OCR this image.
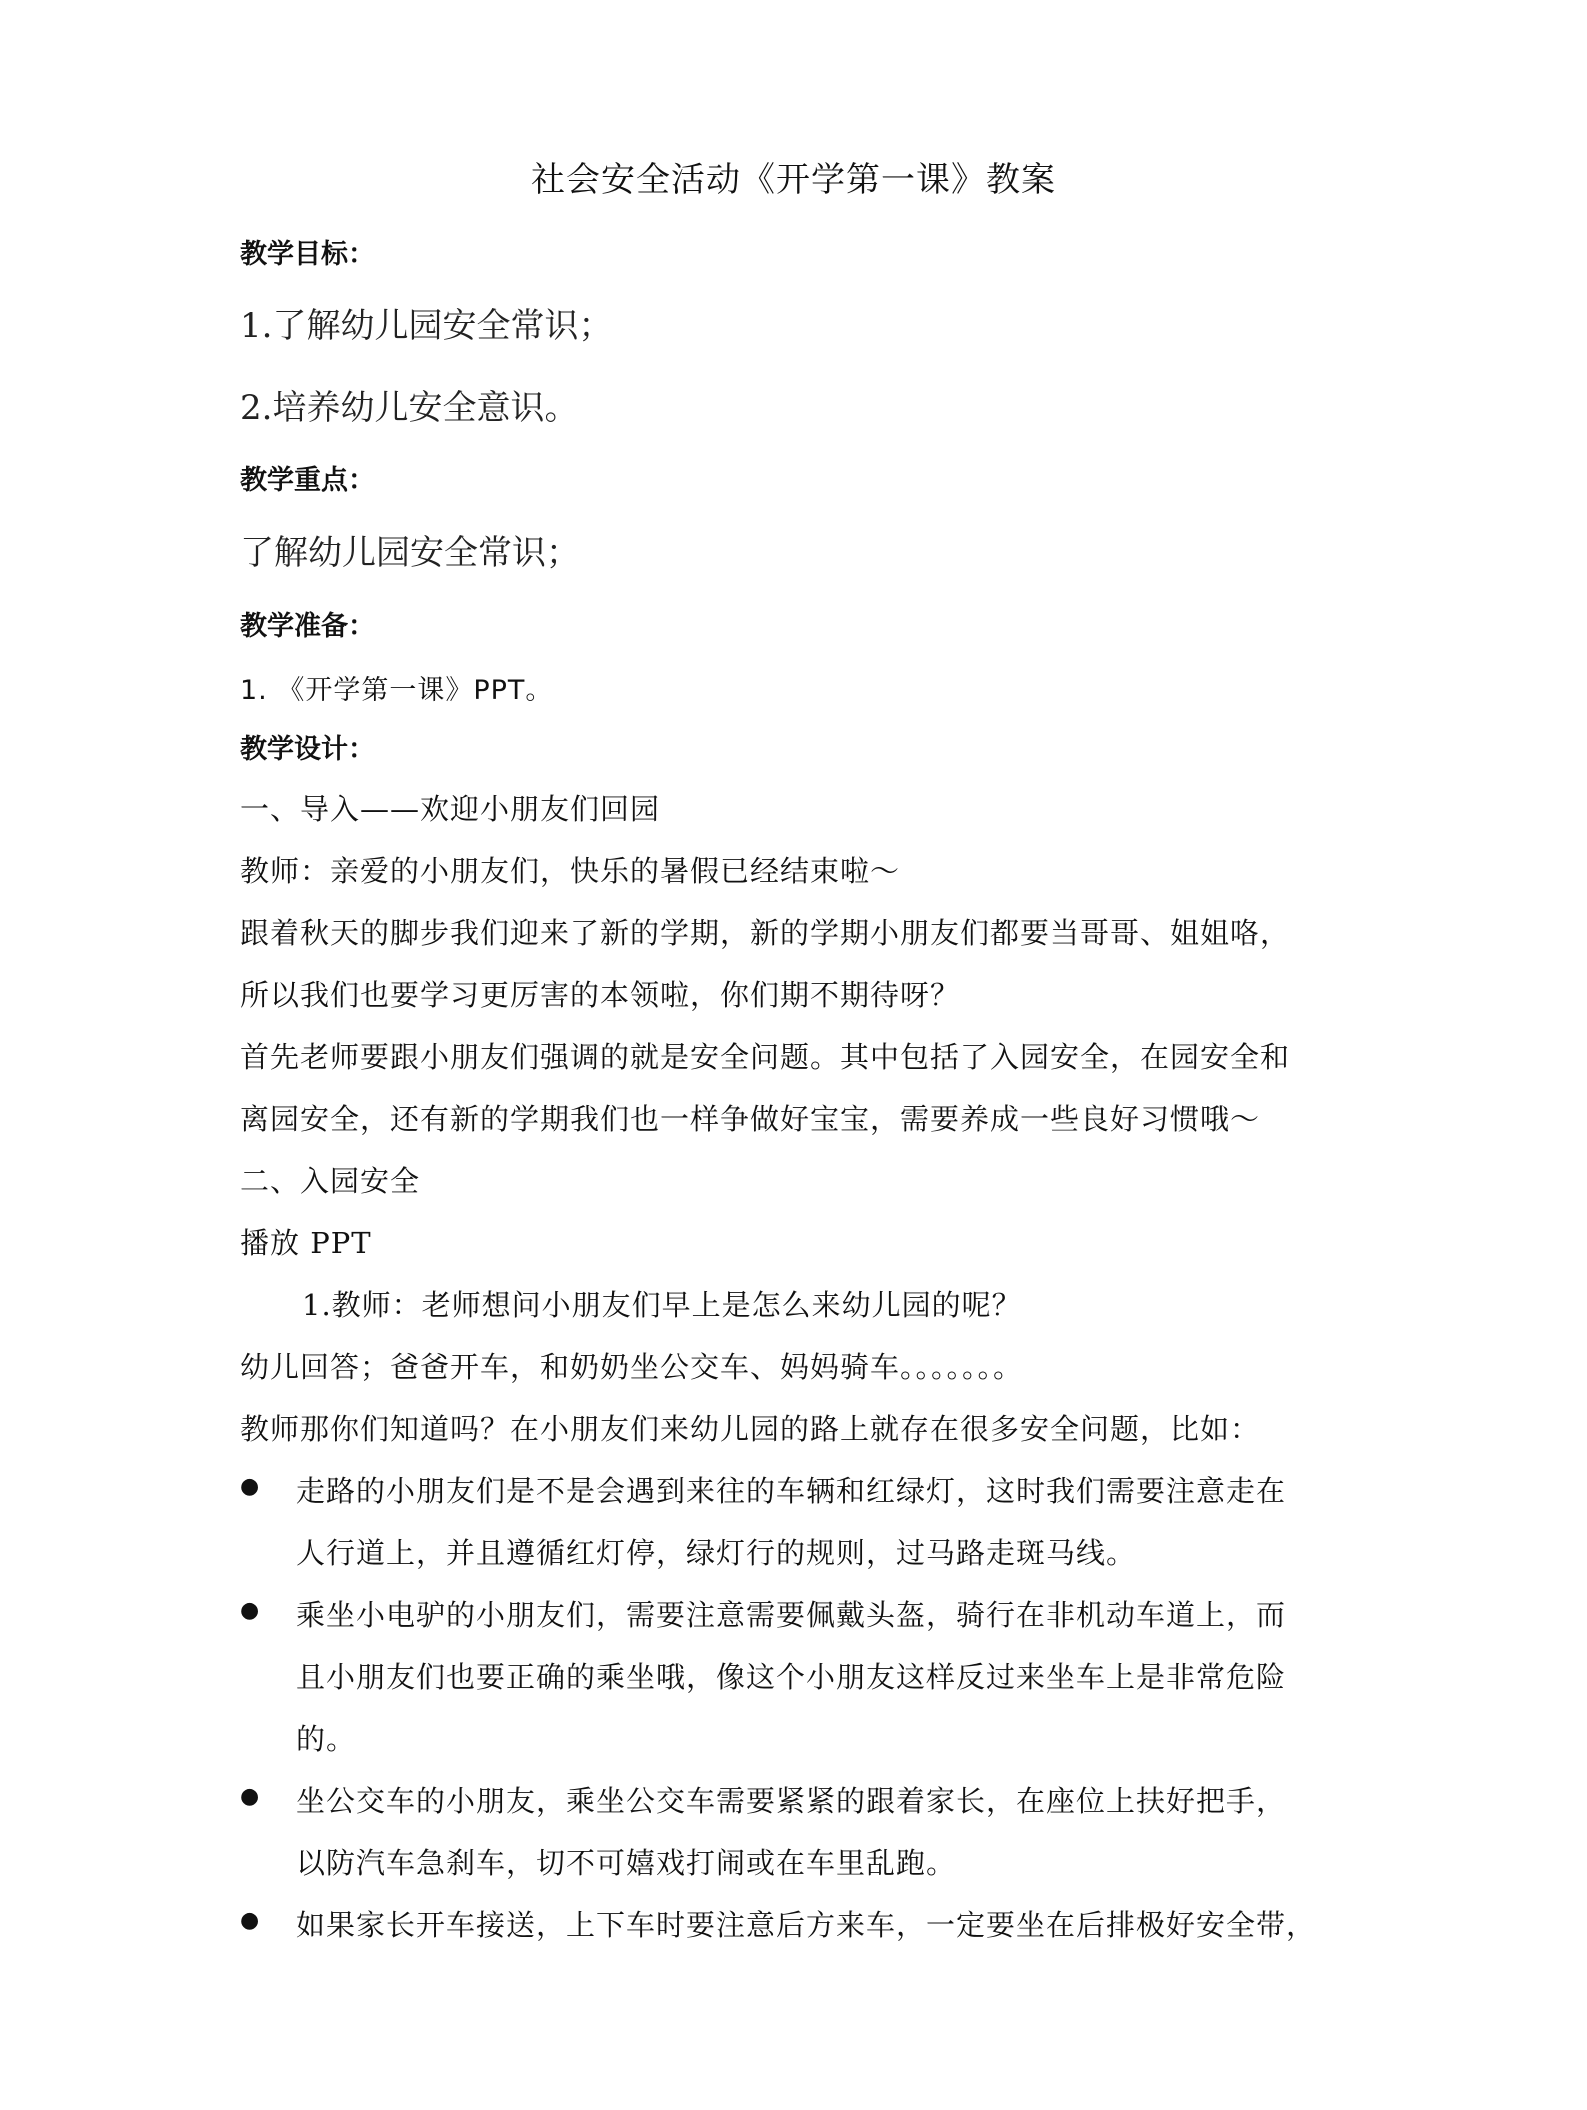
社会安全活动《开学第一课》教案
教学目标：
1.了解幼儿园安全常识；
2.培养幼儿安全意识。
教学重点：
了解幼儿园安全常识；
教学准备：
1. 《开学第一课》PPT。
教学设计：
一、导入——欢迎小朋友们回园
教师：亲爱的小朋友们，快乐的暑假已经结束啦～
跟着秋天的脚步我们迎来了新的学期，新的学期小朋友们都要当哥哥、姐姐咯，
所以我们也要学习更厉害的本领啦，你们期不期待呀？
首先老师要跟小朋友们强调的就是安全问题。其中包括了入园安全，在园安全和
离园安全，还有新的学期我们也一样争做好宝宝，需要养成一些良好习惯哦～
二、入园安全
播放 PPT
1.教师：老师想问小朋友们早上是怎么来幼儿园的呢？
幼儿回答；爸爸开车，和奶奶坐公交车、妈妈骑车。。。。。。。
教师那你们知道吗？在小朋友们来幼儿园的路上就存在很多安全问题，比如：
● 走路的小朋友们是不是会遇到来往的车辆和红绿灯，这时我们需要注意走在
人行道上，并且遵循红灯停，绿灯行的规则，过马路走斑马线。
● 乘坐小电驴的小朋友们，需要注意需要佩戴头盔，骑行在非机动车道上，而
且小朋友们也要正确的乘坐哦，像这个小朋友这样反过来坐车上是非常危险
的。
● 坐公交车的小朋友，乘坐公交车需要紧紧的跟着家长，在座位上扶好把手，
以防汽车急刹车，切不可嬉戏打闹或在车里乱跑。
● 如果家长开车接送，上下车时要注意后方来车，一定要坐在后排极好安全带，
